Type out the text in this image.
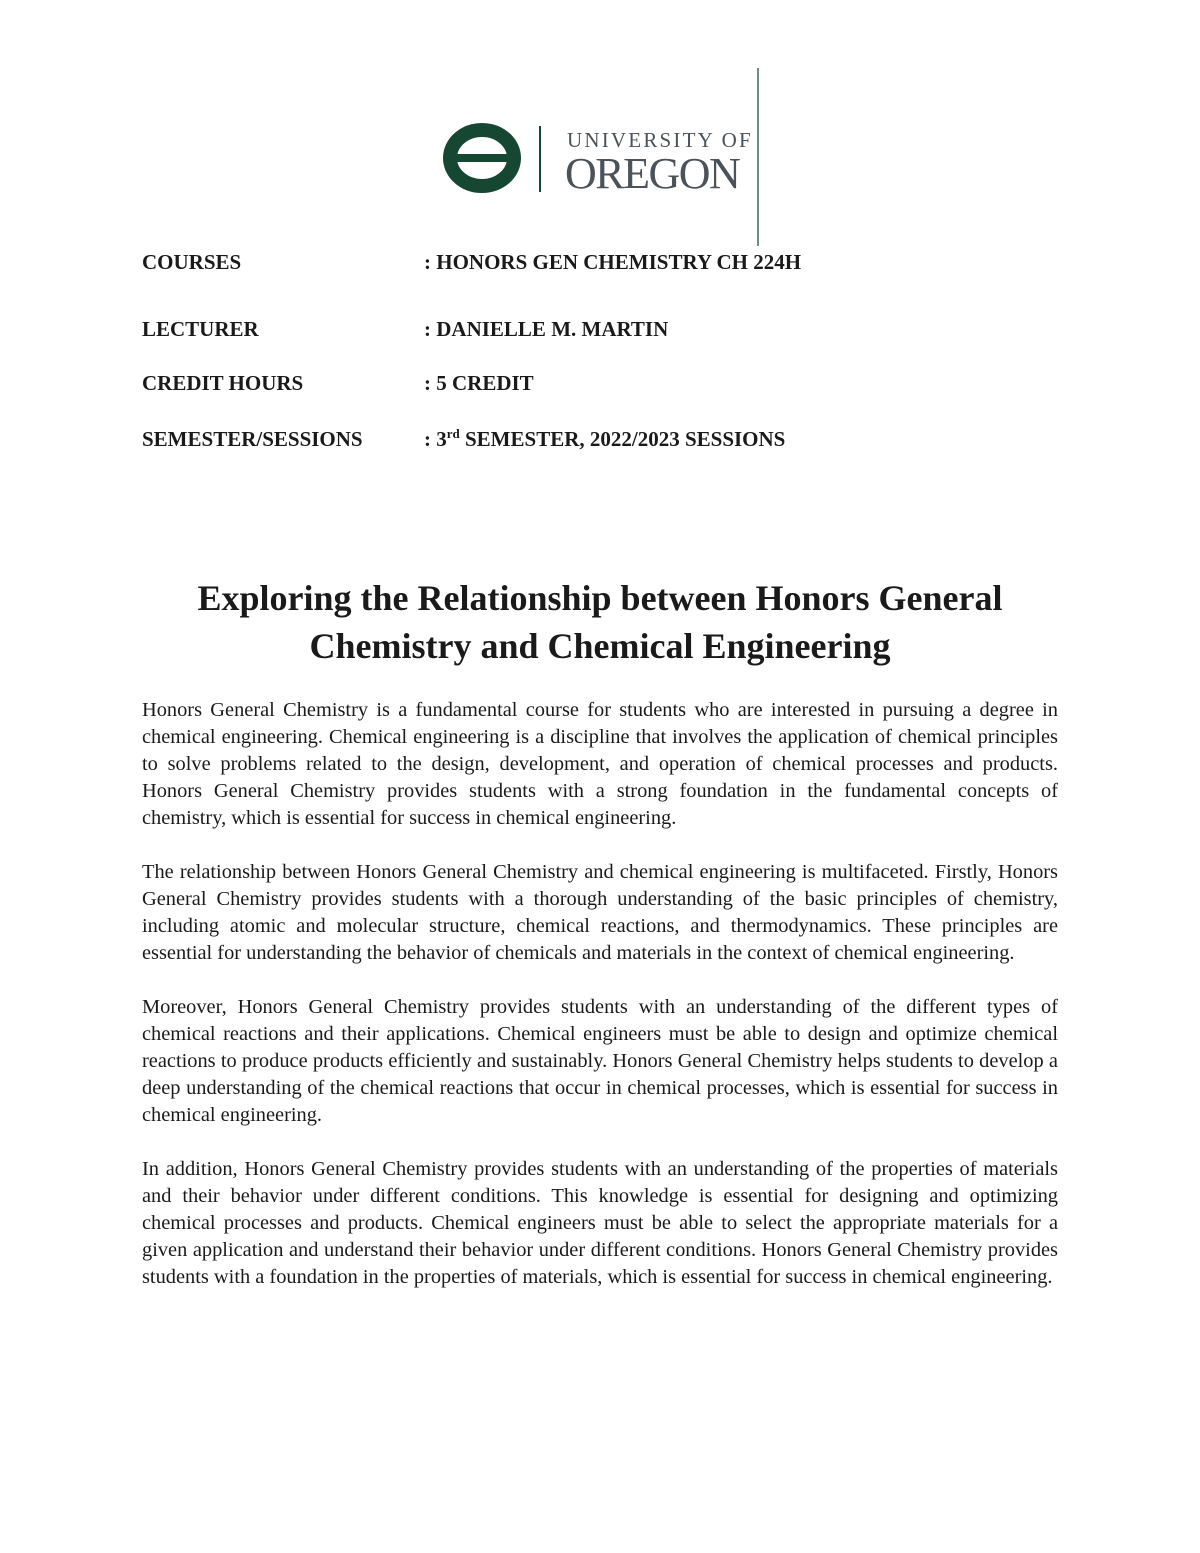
UNIVERSITY OF
OREGON
COURSES	: HONORS GEN CHEMISTRY CH 224H
LECTURER	: DANIELLE M. MARTIN
CREDIT HOURS	: 5 CREDIT
SEMESTER/SESSIONS	: 3rd SEMESTER, 2022/2023 SESSIONS
Exploring the Relationship between Honors General
Chemistry and Chemical Engineering

Honors General Chemistry is a fundamental course for students who are interested in pursuing a degree in chemical engineering. Chemical engineering is a discipline that involves the application of chemical principles to solve problems related to the design, development, and operation of chemical processes and products. Honors General Chemistry provides students with a strong foundation in the fundamental concepts of chemistry, which is essential for success in chemical engineering.

The relationship between Honors General Chemistry and chemical engineering is multifaceted. Firstly, Honors General Chemistry provides students with a thorough understanding of the basic principles of chemistry, including atomic and molecular structure, chemical reactions, and thermodynamics. These principles are essential for understanding the behavior of chemicals and materials in the context of chemical engineering.

Moreover, Honors General Chemistry provides students with an understanding of the different types of chemical reactions and their applications. Chemical engineers must be able to design and optimize chemical reactions to produce products efficiently and sustainably. Honors General Chemistry helps students to develop a deep understanding of the chemical reactions that occur in chemical processes, which is essential for success in chemical engineering.

In addition, Honors General Chemistry provides students with an understanding of the properties of materials and their behavior under different conditions. This knowledge is essential for designing and optimizing chemical processes and products. Chemical engineers must be able to select the appropriate materials for a given application and understand their behavior under different conditions. Honors General Chemistry provides students with a foundation in the properties of materials, which is essential for success in chemical engineering.
